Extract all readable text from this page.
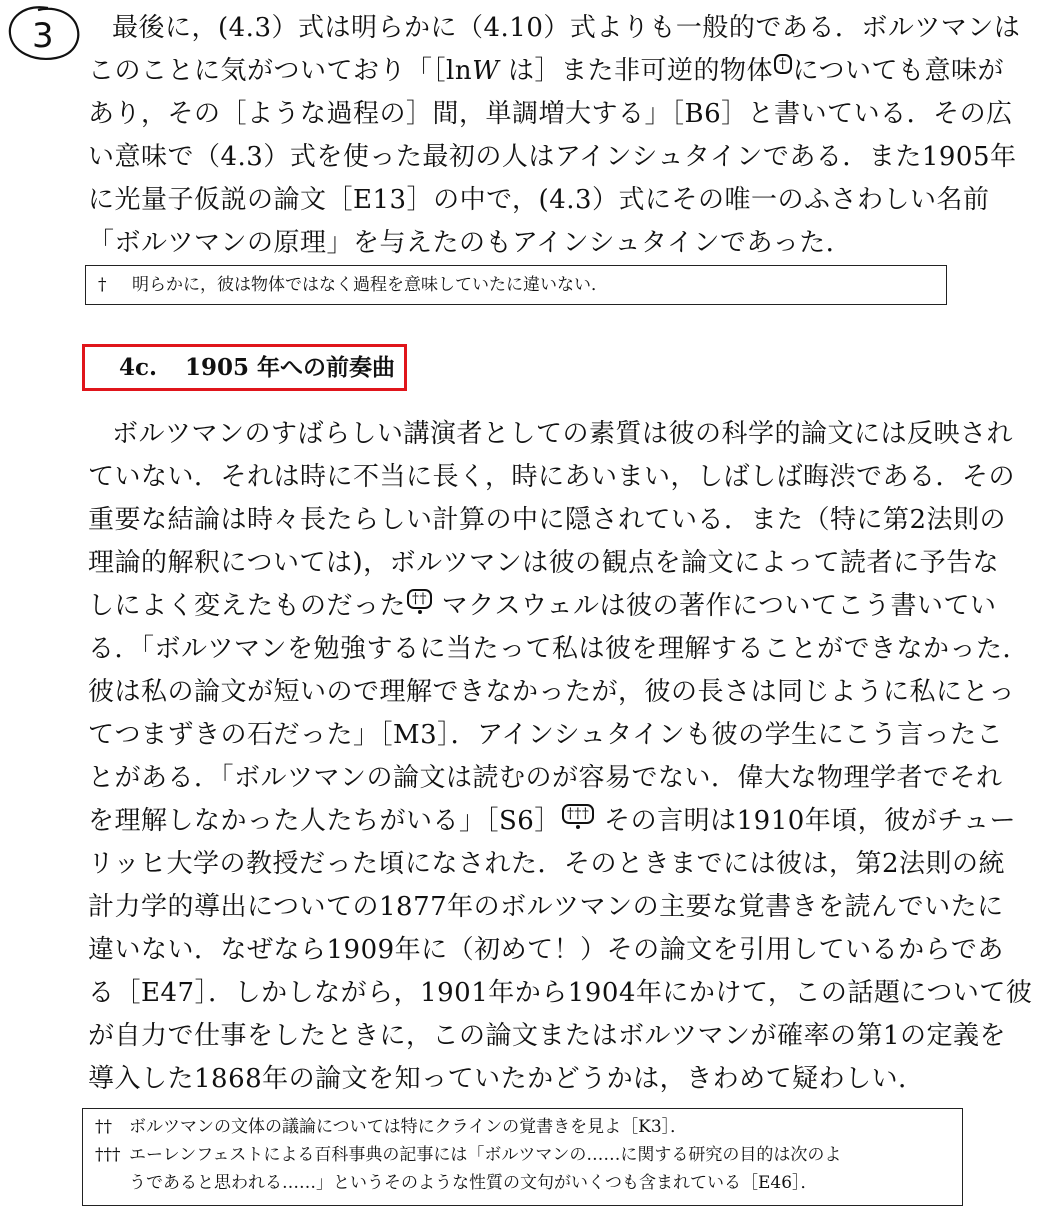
3	最後に，(4.3）式は明らかに（4.10）式よりも一般的である．ボルツマンは
このことに気がついており「［lnW は］また非可逆的物体 † についても意味が
あり，その［ような過程の］間，単調増大する」［B6］と書いている．その広
い意味で（4.3）式を使った最初の人はアインシュタインである．また1905年
に光量子仮説の論文［E13］の中で，(4.3）式にその唯一のふさわしい名前
「ボルツマンの原理」を与えたのもアインシュタインであった．
†	明らかに，彼は物体ではなく過程を意味していたに違いない．
4c. 1905 年への前奏曲
ボルツマンのすばらしい講演者としての素質は彼の科学的論文には反映され
ていない．それは時に不当に長く，時にあいまい，しばしば晦渋である．その
重要な結論は時々長たらしい計算の中に隠されている．また（特に第2法則の
理論的解釈については)，ボルツマンは彼の観点を論文によって読者に予告な
しによく変えたものだった †† マクスウェルは彼の著作についてこう書いてい
る．「ボルツマンを勉強するに当たって私は彼を理解することができなかった．
彼は私の論文が短いので理解できなかったが，彼の長さは同じように私にとっ
てつまずきの石だった」［M3］．アインシュタインも彼の学生にこう言ったこ
とがある．「ボルツマンの論文は読むのが容易でない．偉大な物理学者でそれ
を理解しなかった人たちがいる」［S6］ ††† その言明は1910年頃，彼がチュー
リッヒ大学の教授だった頃になされた．そのときまでには彼は，第2法則の統
計力学的導出についての1877年のボルツマンの主要な覚書きを読んでいたに
違いない．なぜなら1909年に（初めて！）その論文を引用しているからであ
る［E47］．しかしながら，1901年から1904年にかけて，この話題について彼
が自力で仕事をしたときに，この論文またはボルツマンが確率の第1の定義を
導入した1868年の論文を知っていたかどうかは，きわめて疑わしい．
††	ボルツマンの文体の議論については特にクラインの覚書きを見よ［K3］．
††† エーレンフェストによる百科事典の記事には「ボルツマンの……に関する研究の目的は次のよ
うであると思われる……」というそのような性質の文句がいくつも含まれている［E46］．
